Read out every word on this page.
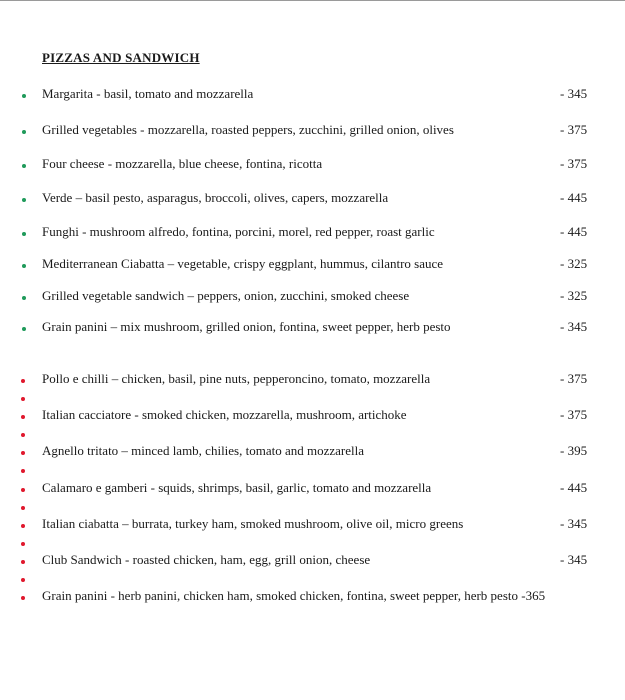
PIZZAS AND SANDWICH
Margarita - basil, tomato and mozzarella	- 345
Grilled vegetables - mozzarella, roasted peppers, zucchini, grilled onion, olives	- 375
Four cheese - mozzarella, blue cheese, fontina, ricotta	- 375
Verde – basil pesto, asparagus, broccoli, olives, capers, mozzarella	- 445
Funghi - mushroom alfredo, fontina, porcini, morel, red pepper, roast garlic	- 445
Mediterranean Ciabatta – vegetable, crispy eggplant, hummus, cilantro sauce	- 325
Grilled vegetable sandwich – peppers, onion, zucchini, smoked cheese	- 325
Grain panini – mix mushroom, grilled onion, fontina, sweet pepper, herb pesto	- 345
Pollo e chilli – chicken, basil, pine nuts, pepperoncino, tomato, mozzarella	- 375
Italian cacciatore - smoked chicken, mozzarella, mushroom, artichoke	- 375
Agnello tritato – minced lamb, chilies, tomato and mozzarella	- 395
Calamaro e gamberi - squids, shrimps, basil, garlic, tomato and mozzarella	- 445
Italian ciabatta – burrata, turkey ham, smoked mushroom, olive oil, micro greens	- 345
Club Sandwich - roasted chicken, ham, egg, grill onion, cheese	- 345
Grain panini - herb panini, chicken ham, smoked chicken, fontina, sweet pepper, herb pesto -365
